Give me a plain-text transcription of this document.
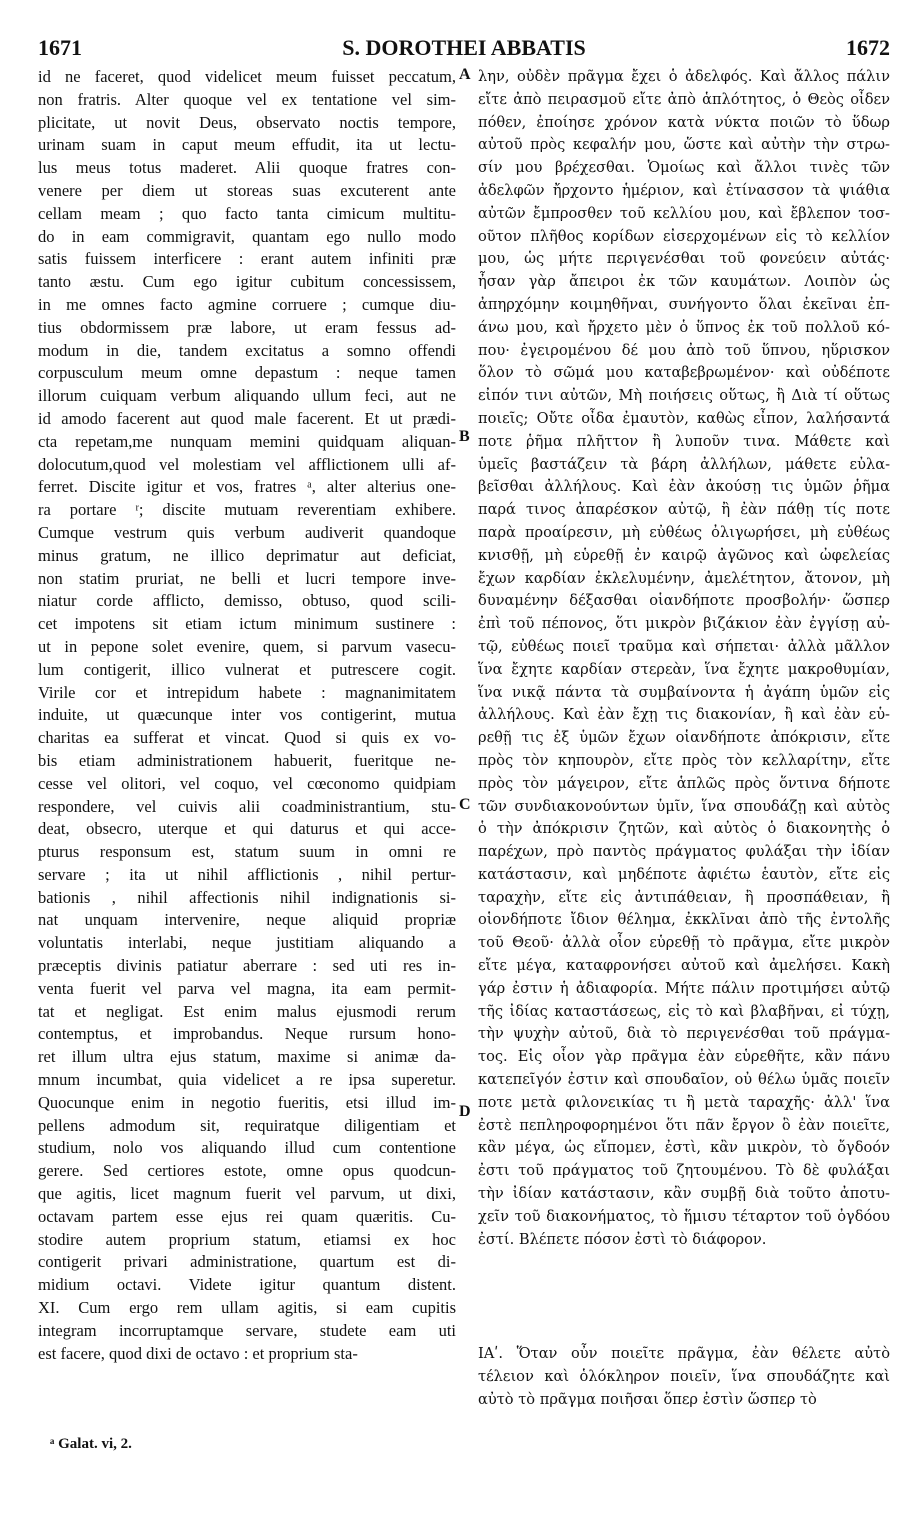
1671	S. DOROTHEI ABBATIS	1672
id ne faceret, quod videlicet meum fuisset peccatum,
non fratris. Alter quoque vel ex tentatione vel sim-
plicitate, ut novit Deus, observato noctis tempore,
urinam suam in caput meum effudit, ita ut lectu-
lus meus totus maderet. Alii quoque fratres con-
venere per diem ut storeas suas excuterent ante
cellam meam ; quo facto tanta cimicum multitu-
do in eam commigravit, quantam ego nullo modo
satis fuissem interficere : erant autem infiniti præ
tanto æstu. Cum ego igitur cubitum concessissem,
in me omnes facto agmine corruere ; cumque diu-
tius obdormissem præ labore, ut eram fessus ad-
modum in die, tandem excitatus a somno offendi
corpusculum meum omne depastum : neque tamen
illorum cuiquam verbum aliquando ullum feci, aut ne
id amodo facerent aut quod male facerent. Et ut prædi-
cta repetam,me nunquam memini quidquam aliquan-
dolocutum,quod vel molestiam vel afflictionem ulli af-
ferret. Discite igitur et vos, fratres ᵃ, alter alterius one-
ra portare ʳ; discite mutuam reverentiam exhibere.
Cumque vestrum quis verbum audiverit quandoque
minus gratum, ne illico deprimatur aut deficiat,
non statim pruriat, ne belli et lucri tempore inve-
niatur corde afflicto, demisso, obtuso, quod scili-
cet impotens sit etiam ictum minimum sustinere :
ut in pepone solet evenire, quem, si parvum vasecu-
lum contigerit, illico vulnerat et putrescere cogit.
Virile cor et intrepidum habete : magnanimitatem
induite, ut quæcunque inter vos contigerint, mutua
charitas ea sufferat et vincat. Quod si quis ex vo-
bis etiam administrationem habuerit, fueritque ne-
cesse vel olitori, vel coquo, vel cœconomo quidpiam
respondere, vel cuivis alii coadministrantium, stu-
deat, obsecro, uterque et qui daturus et qui acce-
pturus responsum est, statum suum in omni re
servare ; ita ut nihil afflictionis , nihil pertur-
bationis , nihil affectionis nihil indignationis si-
nat unquam intervenire, neque aliquid propriæ
voluntatis interlabi, neque justitiam aliquando a
præceptis divinis patiatur aberrare : sed uti res in-
venta fuerit vel parva vel magna, ita eam permit-
tat et negligat. Est enim malus ejusmodi rerum
contemptus, et improbandus. Neque rursum hono-
ret illum ultra ejus statum, maxime si animæ da-
mnum incumbat, quia videlicet a re ipsa superetur.
Quocunque enim in negotio fueritis, etsi illud im-
pellens admodum sit, requiratque diligentiam et
studium, nolo vos aliquando illud cum contentione
gerere. Sed certiores estote, omne opus quodcun-
que agitis, licet magnum fuerit vel parvum, ut dixi,
octavam partem esse ejus rei quam quæritis. Cu-
stodire autem proprium statum, etiamsi ex hoc
contigerit privari administratione, quartum est di-
midium octavi. Videte igitur quantum distent.
XI. Cum ergo rem ullam agitis, si eam cupitis
integram incorruptamque servare, studete eam uti
est facere, quod dixi de octavo : et proprium sta-
λην, οὐδὲν πρᾶγμα ἔχει ὁ ἀδελφός. Καὶ ἄλλος πάλιν
εἴτε ἀπὸ πειρασμοῦ εἴτε ἀπὸ ἁπλότητος, ὁ Θεὸς οἶδεν
πόθεν, ἐποίησε χρόνον κατὰ νύκτα ποιῶν τὸ ὕδωρ
αὐτοῦ πρὸς κεφαλήν μου, ὥστε καὶ αὐτὴν τὴν στρω-
σίν μου βρέχεσθαι. Ὁμοίως καὶ ἄλλοι τινὲς τῶν
ἀδελφῶν ἤρχοντο ἡμέριον, καὶ ἐτίνασσον τὰ ψιάθια
αὐτῶν ἔμπροσθεν τοῦ κελλίου μου, καὶ ἔβλεπον τοσ-
οῦτον πλῆθος κορίδων εἰσερχομένων εἰς τὸ κελλίον
μου, ὡς μήτε περιγενέσθαι τοῦ φονεύειν αὐτάς·
ἦσαν γὰρ ἄπειροι ἐκ τῶν καυμάτων. Λοιπὸν ὡς
ἀπηρχόμην κοιμηθῆναι, συνήγοντο ὅλαι ἐκεῖναι ἐπ-
άνω μου, καὶ ἤρχετο μὲν ὁ ὕπνος ἐκ τοῦ πολλοῦ κό-
που· ἐγειρομένου δέ μου ἀπὸ τοῦ ὕπνου, ηὕρισκον
ὅλον τὸ σῶμά μου καταβεβρωμένον· καὶ οὐδέποτε
εἰπόν τινι αὐτῶν, Μὴ ποιήσεις οὕτως, ἢ Διὰ τί οὕτως
ποιεῖς; Οὔτε οἶδα ἐμαυτὸν, καθὼς εἶπον, λαλήσαντά
ποτε ῥῆμα πλῆττον ἢ λυποῦν τινα. Μάθετε καὶ
ὑμεῖς βαστάζειν τὰ βάρη ἀλλήλων, μάθετε εὐλα-
βεῖσθαι ἀλλήλους. Καὶ ἐὰν ἀκούσῃ τις ὑμῶν ῥῆμα
παρά τινος ἀπαρέσκον αὐτῷ, ἢ ἐὰν πάθῃ τίς ποτε
παρὰ προαίρεσιν, μὴ εὐθέως ὀλιγωρήσει, μὴ εὐθέως
κνισθῇ, μὴ εὑρεθῇ ἐν καιρῷ ἀγῶνος καὶ ὠφελείας
ἔχων καρδίαν ἐκλελυμένην, ἀμελέτητον, ἄτονον, μὴ
δυναμένην δέξασθαι οἱανδήποτε προσβολήν· ὥσπερ
ἐπὶ τοῦ πέπονος, ὅτι μικρὸν βιζάκιον ἐὰν ἐγγίσῃ αὐ-
τῷ, εὐθέως ποιεῖ τραῦμα καὶ σήπεται· ἀλλὰ μᾶλλον
ἵνα ἔχητε καρδίαν στερεὰν, ἵνα ἔχητε μακροθυμίαν,
ἵνα νικᾷ πάντα τὰ συμβαίνοντα ἡ ἀγάπη ὑμῶν εἰς
ἀλλήλους. Καὶ ἐὰν ἔχῃ τις διακονίαν, ἢ καὶ ἐὰν εὑ-
ρεθῇ τις ἐξ ὑμῶν ἔχων οἱανδήποτε ἀπόκρισιν, εἴτε
πρὸς τὸν κηπουρὸν, εἴτε πρὸς τὸν κελλαρίτην, εἴτε
πρὸς τὸν μάγειρον, εἴτε ἁπλῶς πρὸς ὅντινα δήποτε
τῶν συνδιακονούντων ὑμῖν, ἵνα σπουδάζῃ καὶ αὐτὸς
ὁ τὴν ἀπόκρισιν ζητῶν, καὶ αὐτὸς ὁ διακονητὴς ὁ
παρέχων, πρὸ παντὸς πράγματος φυλάξαι τὴν ἰδίαν
κατάστασιν, καὶ μηδέποτε ἀφιέτω ἑαυτὸν, εἴτε εἰς
ταραχὴν, εἴτε εἰς ἀντιπάθειαν, ἢ προσπάθειαν, ἢ
οἱονδήποτε ἴδιον θέλημα, ἐκκλῖναι ἀπὸ τῆς ἐντολῆς
τοῦ Θεοῦ· ἀλλὰ οἷον εὑρεθῇ τὸ πρᾶγμα, εἴτε μικρὸν
εἴτε μέγα, καταφρονήσει αὐτοῦ καὶ ἀμελήσει. Κακὴ
γάρ ἐστιν ἡ ἀδιαφορία. Μήτε πάλιν προτιμήσει αὐτῷ
τῆς ἰδίας καταστάσεως, εἰς τὸ καὶ βλαβῆναι, εἰ τύχῃ,
τὴν ψυχὴν αὐτοῦ, διὰ τὸ περιγενέσθαι τοῦ πράγμα-
τος. Εἰς οἷον γὰρ πρᾶγμα ἐὰν εὑρεθῆτε, κἂν πάνυ
κατεπεῖγόν ἐστιν καὶ σπουδαῖον, οὐ θέλω ὑμᾶς ποιεῖν
ποτε μετὰ φιλονεικίας τι ἢ μετὰ ταραχῆς· ἀλλ' ἵνα
ἐστὲ πεπληροφορημένοι ὅτι πᾶν ἔργον ὃ ἐὰν ποιεῖτε,
κἂν μέγα, ὡς εἴπομεν, ἐστὶ, κἂν μικρὸν, τὸ ὄγδοόν
ἐστι τοῦ πράγματος τοῦ ζητουμένου. Τὸ δὲ φυλάξαι
τὴν ἰδίαν κατάστασιν, κἂν συμβῇ διὰ τοῦτο ἀποτυ-
χεῖν τοῦ διακονήματος, τὸ ἥμισυ τέταρτον τοῦ ὀγδόου
ἐστί. Βλέπετε πόσον ἐστὶ τὸ διάφορον.
ΙΑʹ. Ὅταν οὖν ποιεῖτε πρᾶγμα, ἐὰν θέλετε αὐτὸ
τέλειον καὶ ὁλόκληρον ποιεῖν, ἵνα σπουδάζητε καὶ
αὐτὸ τὸ πρᾶγμα ποιῆσαι ὅπερ ἐστὶν ὥσπερ τὸ
A
B
C
D
ᵃ Galat. vi, 2.
